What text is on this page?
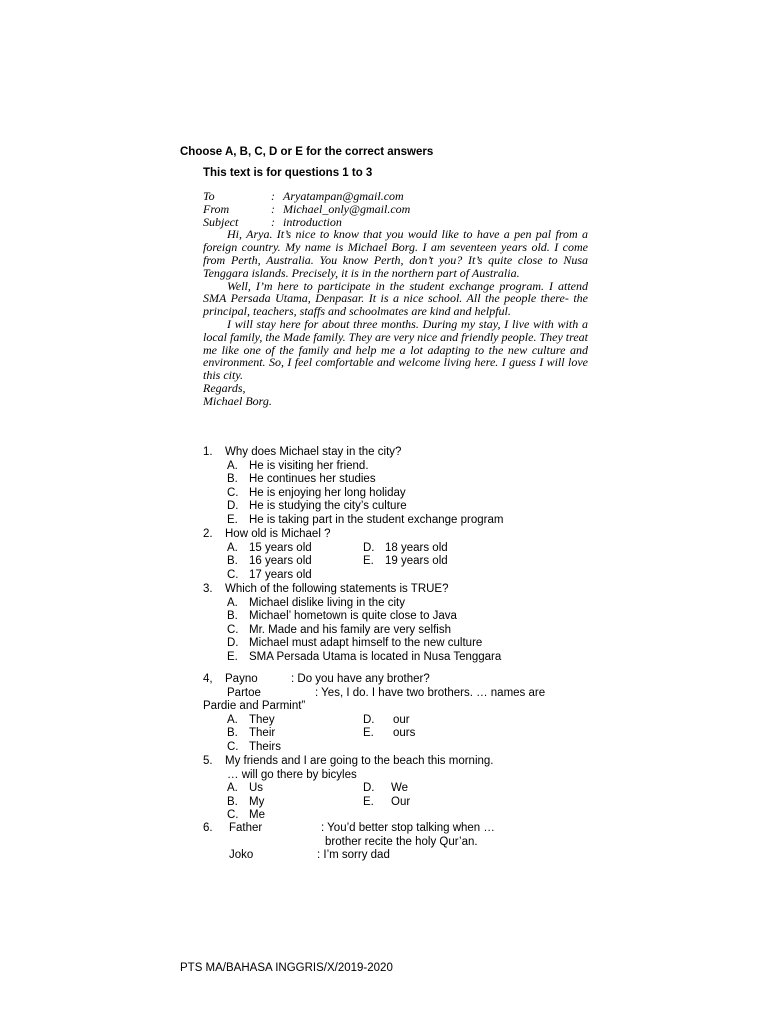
Choose A, B, C, D or E for the correct answers
This text is for questions 1 to 3
To	: Aryatampan@gmail.com
From	: Michael_only@gmail.com
Subject	: introduction

Hi, Arya. It’s nice to know that you would like to have a pen pal from a foreign country. My name is Michael Borg. I am seventeen years old. I come from Perth, Australia. You know Perth, don’t you? It’s quite close to Nusa Tenggara islands. Precisely, it is in the northern part of Australia.

Well, I’m here to participate in the student exchange program. I attend SMA Persada Utama, Denpasar. It is a nice school. All the people there- the principal, teachers, staffs and schoolmates are kind and helpful.

I will stay here for about three months. During my stay, I live with with a local family, the Made family. They are very nice and friendly people. They treat me like one of the family and help me a lot adapting to the new culture and environment. So, I feel comfortable and welcome living here. I guess I will love this city.

Regards,

Michael Borg.

1. Why does Michael stay in the city?
A. He is visiting her friend.
B. He continues her studies
C. He is enjoying her long holiday
D. He is studying the city’s culture
E. He is taking part in the student exchange program
2. How old is Michael ?
A. 15 years old	D. 18 years old
B. 16 years old	E. 19 years old
C. 17 years old
3. Which of the following statements is TRUE?
A. Michael dislike living in the city
B. Michael’ hometown is quite close to Java
C. Mr. Made and his family are very selfish
D. Michael must adapt himself to the new culture
E. SMA Persada Utama is located in Nusa Tenggara
4,	Payno	: Do you have any brother?
Partoe	: Yes, I do. I have two brothers. … names are
Pardie and Parmint”
A. They	D. our
B. Their	E. ours
C. Theirs
5. My friends and I are going to the beach this morning.
… will go there by bicyles
A. Us	D. We
B. My	E. Our
C. Me
6.	Father	: You’d better stop talking when …
brother recite the holy Qur’an.
Joko	: I’m sorry dad
PTS MA/BAHASA INGGRIS/X/2019-2020
